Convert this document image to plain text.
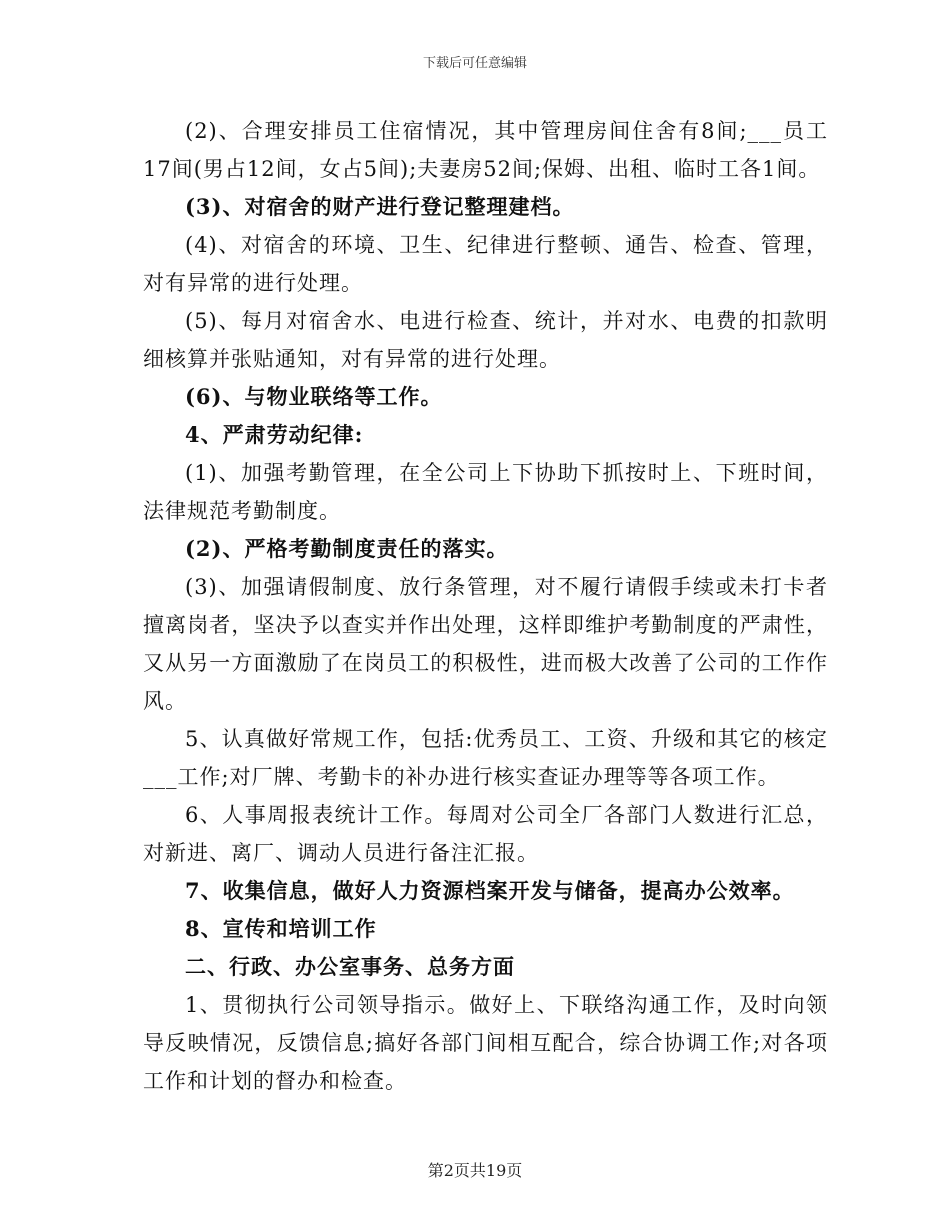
下载后可任意编辑

(2)、合理安排员工住宿情况，其中管理房间住舍有8间;___员工17间(男占12间，女占5间);夫妻房52间;保姆、出租、临时工各1间。

(3)、对宿舍的财产进行登记整理建档。

(4)、对宿舍的环境、卫生、纪律进行整顿、通告、检查、管理，对有异常的进行处理。

(5)、每月对宿舍水、电进行检查、统计，并对水、电费的扣款明细核算并张贴通知，对有异常的进行处理。

(6)、与物业联络等工作。

4、严肃劳动纪律:

(1)、加强考勤管理，在全公司上下协助下抓按时上、下班时间，法律规范考勤制度。

(2)、严格考勤制度责任的落实。

(3)、加强请假制度、放行条管理，对不履行请假手续或未打卡者擅离岗者，坚决予以查实并作出处理，这样即维护考勤制度的严肃性，又从另一方面激励了在岗员工的积极性，进而极大改善了公司的工作作风。

5、认真做好常规工作，包括:优秀员工、工资、升级和其它的核定___工作;对厂牌、考勤卡的补办进行核实查证办理等等各项工作。

6、人事周报表统计工作。每周对公司全厂各部门人数进行汇总，对新进、离厂、调动人员进行备注汇报。

7、收集信息，做好人力资源档案开发与储备，提高办公效率。

8、宣传和培训工作

二、行政、办公室事务、总务方面

1、贯彻执行公司领导指示。做好上、下联络沟通工作，及时向领导反映情况，反馈信息;搞好各部门间相互配合，综合协调工作;对各项工作和计划的督办和检查。

第2页共19页
